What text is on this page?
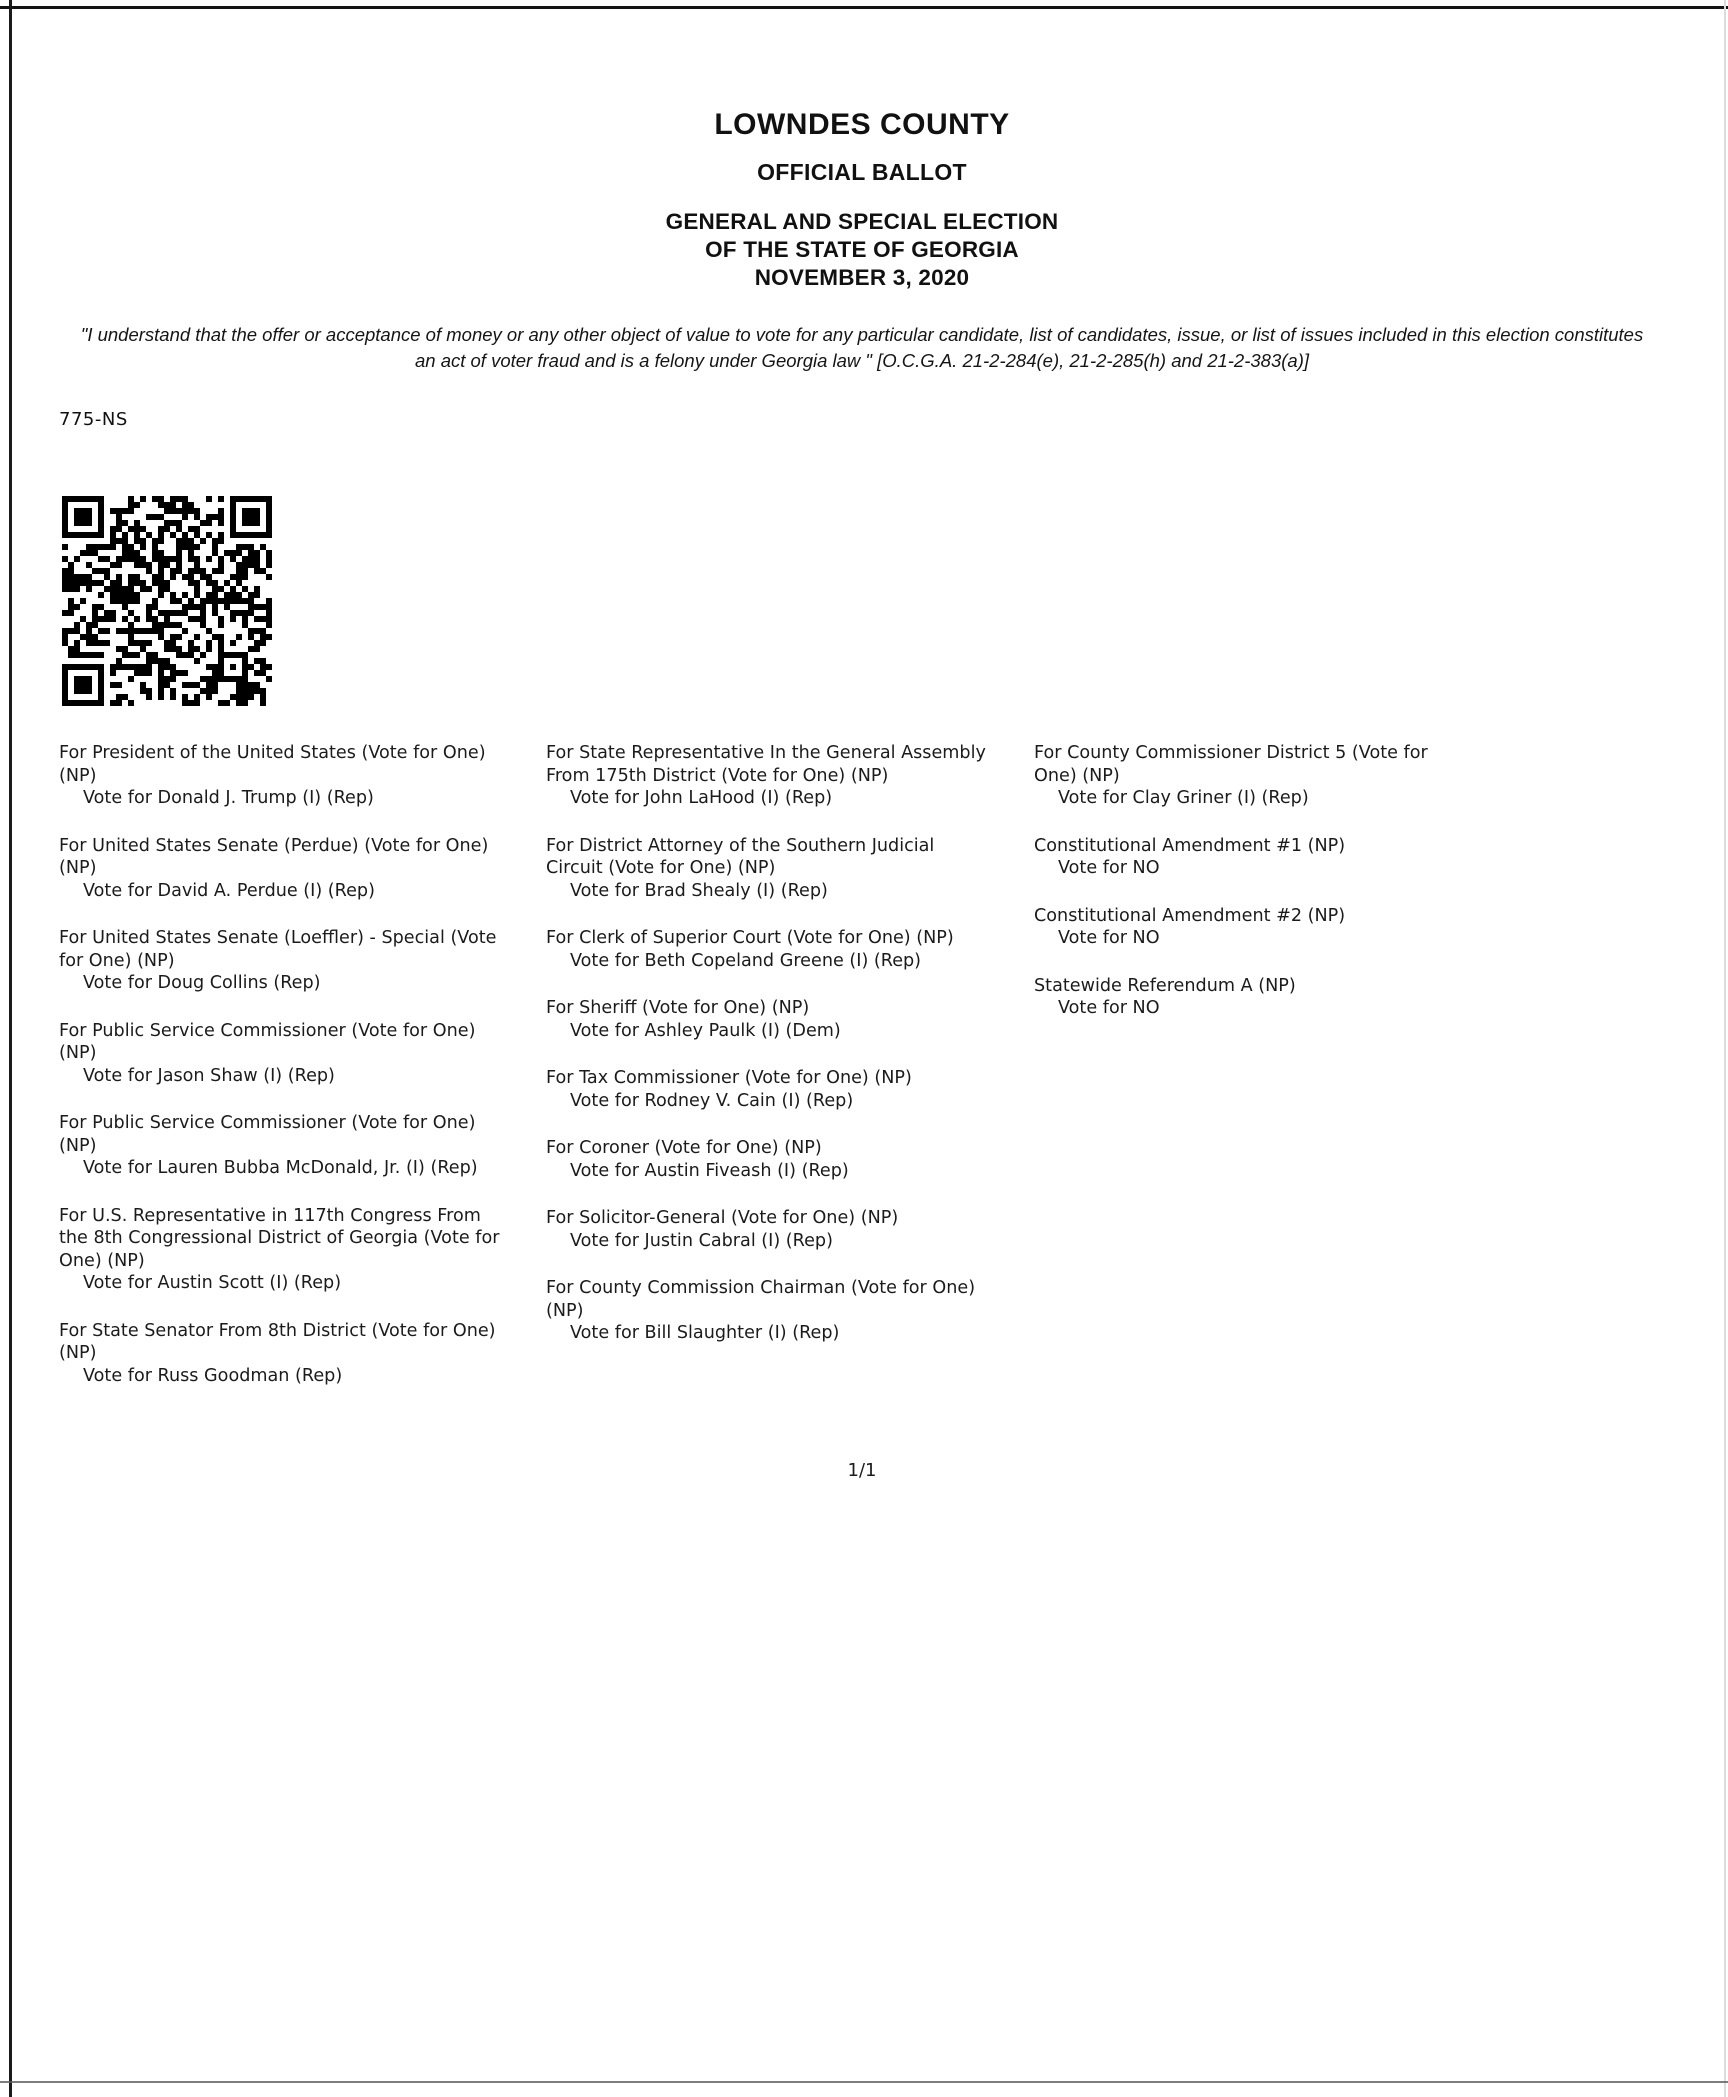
LOWNDES COUNTY
OFFICIAL BALLOT
GENERAL AND SPECIAL ELECTION
OF THE STATE OF GEORGIA
NOVEMBER 3, 2020
"I understand that the offer or acceptance of money or any other object of value to vote for any particular candidate, list of candidates, issue, or list of issues included in this election constitutes an act of voter fraud and is a felony under Georgia law " [O.C.G.A. 21-2-284(e), 21-2-285(h) and 21-2-383(a)]
775-NS
For President of the United States (Vote for One) (NP)
Vote for Donald J. Trump (I) (Rep)
For United States Senate (Perdue) (Vote for One) (NP)
Vote for David A. Perdue (I) (Rep)
For United States Senate (Loeffler) - Special (Vote for One) (NP)
Vote for Doug Collins (Rep)
For Public Service Commissioner (Vote for One) (NP)
Vote for Jason Shaw (I) (Rep)
For Public Service Commissioner (Vote for One) (NP)
Vote for Lauren Bubba McDonald, Jr. (I) (Rep)
For U.S. Representative in 117th Congress From the 8th Congressional District of Georgia (Vote for One) (NP)
Vote for Austin Scott (I) (Rep)
For State Senator From 8th District (Vote for One) (NP)
Vote for Russ Goodman (Rep)
For State Representative In the General Assembly From 175th District (Vote for One) (NP)
Vote for John LaHood (I) (Rep)
For District Attorney of the Southern Judicial Circuit (Vote for One) (NP)
Vote for Brad Shealy (I) (Rep)
For Clerk of Superior Court (Vote for One) (NP)
Vote for Beth Copeland Greene (I) (Rep)
For Sheriff (Vote for One) (NP)
Vote for Ashley Paulk (I) (Dem)
For Tax Commissioner (Vote for One) (NP)
Vote for Rodney V. Cain (I) (Rep)
For Coroner (Vote for One) (NP)
Vote for Austin Fiveash (I) (Rep)
For Solicitor-General (Vote for One) (NP)
Vote for Justin Cabral (I) (Rep)
For County Commission Chairman (Vote for One) (NP)
Vote for Bill Slaughter (I) (Rep)
For County Commissioner District 5 (Vote for One) (NP)
Vote for Clay Griner (I) (Rep)
Constitutional Amendment #1 (NP)
Vote for NO
Constitutional Amendment #2 (NP)
Vote for NO
Statewide Referendum A (NP)
Vote for NO
1/1
